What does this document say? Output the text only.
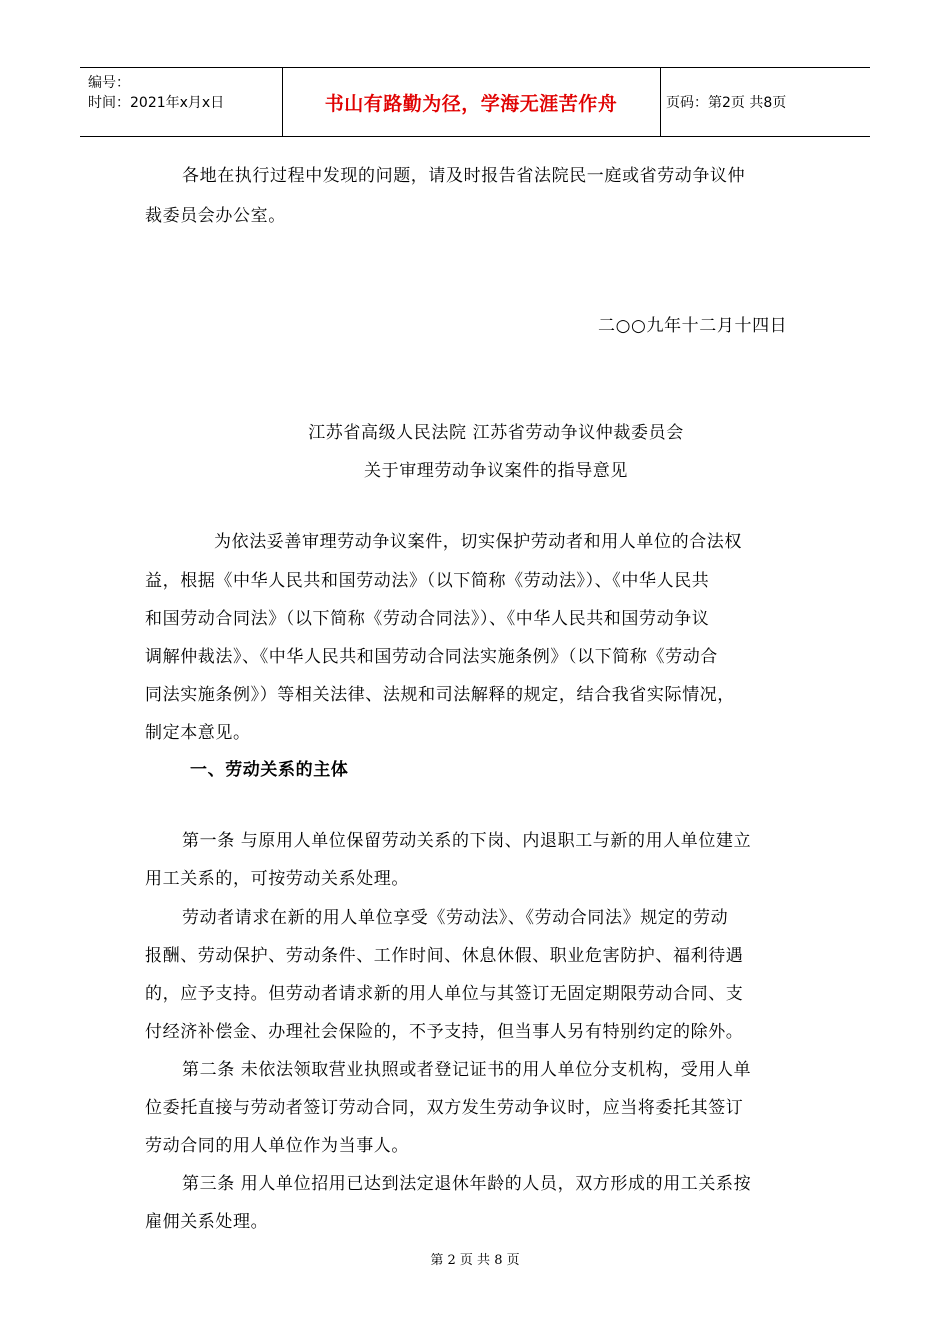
编号：
时间：2021年x月x日	书山有路勤为径，学海无涯苦作舟	页码：第2页 共8页
各地在执行过程中发现的问题，请及时报告省法院民一庭或省劳动争议仲
裁委员会办公室。
二○○九年十二月十四日
江苏省高级人民法院 江苏省劳动争议仲裁委员会
关于审理劳动争议案件的指导意见
为依法妥善审理劳动争议案件，切实保护劳动者和用人单位的合法权
益，根据《中华人民共和国劳动法》（以下简称《劳动法》）、《中华人民共
和国劳动合同法》（以下简称《劳动合同法》）、《中华人民共和国劳动争议
调解仲裁法》、《中华人民共和国劳动合同法实施条例》（以下简称《劳动合
同法实施条例》）等相关法律、法规和司法解释的规定，结合我省实际情况，
制定本意见。
一、劳动关系的主体
第一条 与原用人单位保留劳动关系的下岗、内退职工与新的用人单位建立
用工关系的，可按劳动关系处理。
劳动者请求在新的用人单位享受《劳动法》、《劳动合同法》规定的劳动
报酬、劳动保护、劳动条件、工作时间、休息休假、职业危害防护、福利待遇
的，应予支持。但劳动者请求新的用人单位与其签订无固定期限劳动合同、支
付经济补偿金、办理社会保险的，不予支持，但当事人另有特别约定的除外。
第二条 未依法领取营业执照或者登记证书的用人单位分支机构，受用人单
位委托直接与劳动者签订劳动合同，双方发生劳动争议时，应当将委托其签订
劳动合同的用人单位作为当事人。
第三条 用人单位招用已达到法定退休年龄的人员，双方形成的用工关系按
雇佣关系处理。
第 2 页 共 8 页
